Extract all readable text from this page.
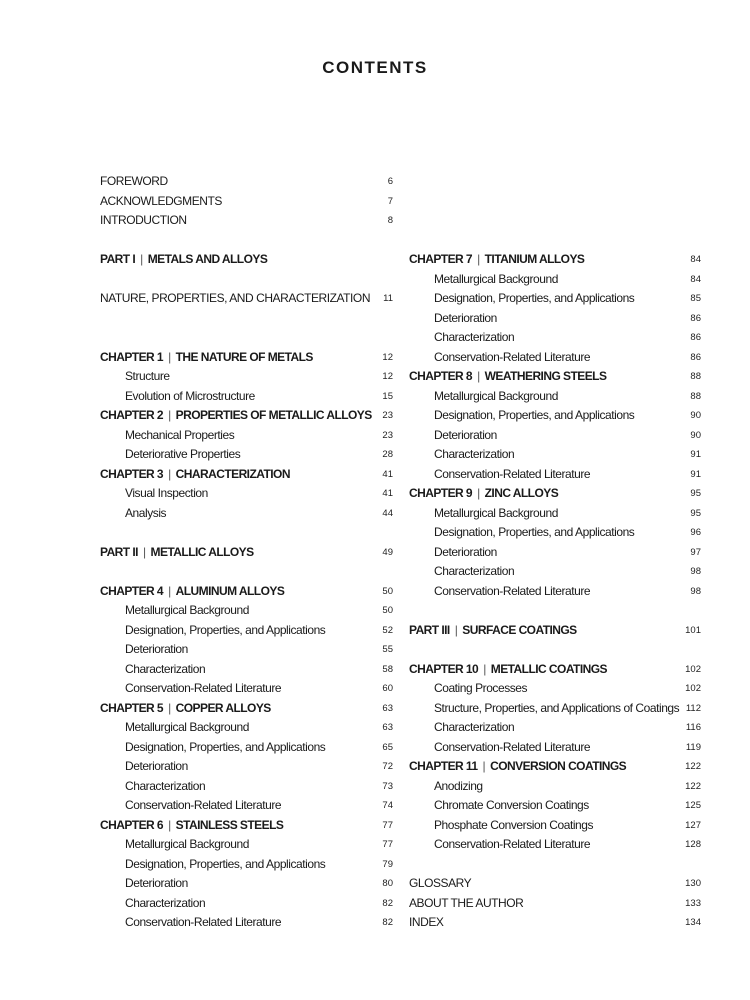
CONTENTS
FOREWORD	6
ACKNOWLEDGMENTS	7
INTRODUCTION	8
PART I | METALS AND ALLOYS
NATURE, PROPERTIES, AND CHARACTERIZATION 11
CHAPTER 1 | THE NATURE OF METALS	12
Structure	12
Evolution of Microstructure	15
CHAPTER 2 | PROPERTIES OF METALLIC ALLOYS 23
Mechanical Properties	23
Deteriorative Properties	28
CHAPTER 3 | CHARACTERIZATION	41
Visual Inspection	41
Analysis	44
PART II | METALLIC ALLOYS	49
CHAPTER 4 | ALUMINUM ALLOYS	50
Metallurgical Background	50
Designation, Properties, and Applications	52
Deterioration	55
Characterization	58
Conservation-Related Literature	60
CHAPTER 5 | COPPER ALLOYS	63
Metallurgical Background	63
Designation, Properties, and Applications	65
Deterioration	72
Characterization	73
Conservation-Related Literature	74
CHAPTER 6 | STAINLESS STEELS	77
Metallurgical Background	77
Designation, Properties, and Applications	79
Deterioration	80
Characterization	82
Conservation-Related Literature	82
CHAPTER 7 | TITANIUM ALLOYS	84
Metallurgical Background	84
Designation, Properties, and Applications	85
Deterioration	86
Characterization	86
Conservation-Related Literature	86
CHAPTER 8 | WEATHERING STEELS	88
Metallurgical Background	88
Designation, Properties, and Applications	90
Deterioration	90
Characterization	91
Conservation-Related Literature	91
CHAPTER 9 | ZINC ALLOYS	95
Metallurgical Background	95
Designation, Properties, and Applications	96
Deterioration	97
Characterization	98
Conservation-Related Literature	98
PART III | SURFACE COATINGS	101
CHAPTER 10 | METALLIC COATINGS	102
Coating Processes	102
Structure, Properties, and Applications of Coatings 112
Characterization	116
Conservation-Related Literature	119
CHAPTER 11 | CONVERSION COATINGS	122
Anodizing	122
Chromate Conversion Coatings	125
Phosphate Conversion Coatings	127
Conservation-Related Literature	128
GLOSSARY	130
ABOUT THE AUTHOR	133
INDEX	134
